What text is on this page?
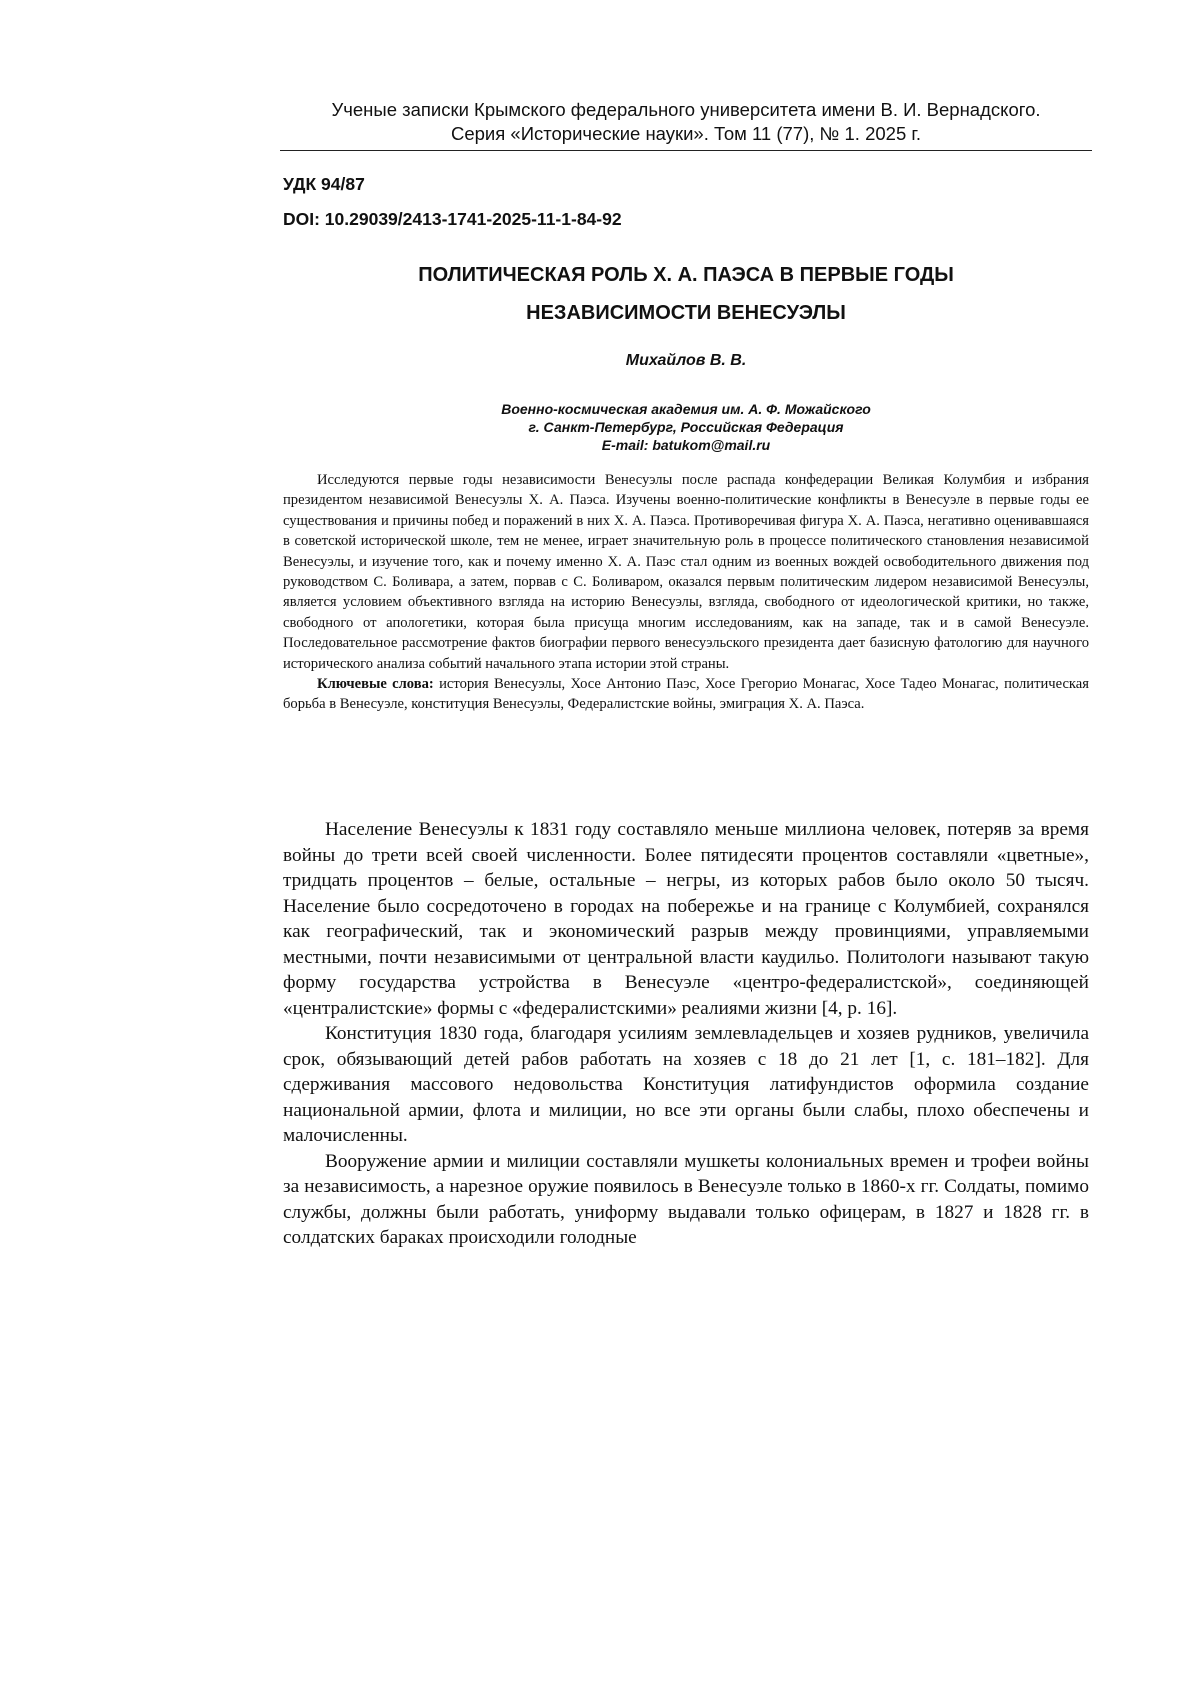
Ученые записки Крымского федерального университета имени В. И. Вернадского.
Серия «Исторические науки». Том 11 (77), № 1. 2025 г.
УДК 94/87
DOI: 10.29039/2413-1741-2025-11-1-84-92
ПОЛИТИЧЕСКАЯ РОЛЬ Х. А. ПАЭСА В ПЕРВЫЕ ГОДЫ
НЕЗАВИСИМОСТИ ВЕНЕСУЭЛЫ
Михайлов В. В.
Военно-космическая академия им. А. Ф. Можайского
г. Санкт-Петербург, Российская Федерация
E-mail: batukom@mail.ru

Исследуются первые годы независимости Венесуэлы после распада конфедерации Великая Колумбия и избрания президентом независимой Венесуэлы Х. А. Паэса. Изучены военно-политические конфликты в Венесуэле в первые годы ее существования и причины побед и поражений в них Х. А. Паэса. Противоречивая фигура Х. А. Паэса, негативно оценивавшаяся в советской исторической школе, тем не менее, играет значительную роль в процессе политического становления независимой Венесуэлы, и изучение того, как и почему именно Х. А. Паэс стал одним из военных вождей освободительного движения под руководством С. Боливара, а затем, порвав с С. Боливаром, оказался первым политическим лидером независимой Венесуэлы, является условием объективного взгляда на историю Венесуэлы, взгляда, свободного от идеологической критики, но также, свободного от апологетики, которая была присуща многим исследованиям, как на западе, так и в самой Венесуэле. Последовательное рассмотрение фактов биографии первого венесуэльского президента дает базисную фатологию для научного исторического анализа событий начального этапа истории этой страны.

Ключевые слова: история Венесуэлы, Хосе Антонио Паэс, Хосе Грегорио Монагас, Хосе Тадео Монагас, политическая борьба в Венесуэле, конституция Венесуэлы, Федералистские войны, эмиграция Х. А. Паэса.

Население Венесуэлы к 1831 году составляло меньше миллиона человек, потеряв за время войны до трети всей своей численности. Более пятидесяти процентов составляли «цветные», тридцать процентов – белые, остальные – негры, из которых рабов было около 50 тысяч. Население было сосредоточено в городах на побережье и на границе с Колумбией, сохранялся как географический, так и экономический разрыв между провинциями, управляемыми местными, почти независимыми от центральной власти каудильо. Политологи называют такую форму государства устройства в Венесуэле «центро-федералистской», соединяющей «централистские» формы с «федералистскими» реалиями жизни [4, р. 16].

Конституция 1830 года, благодаря усилиям землевладельцев и хозяев рудников, увеличила срок, обязывающий детей рабов работать на хозяев с 18 до 21 лет [1, с. 181–182]. Для сдерживания массового недовольства Конституция латифундистов оформила создание национальной армии, флота и милиции, но все эти органы были слабы, плохо обеспечены и малочисленны.

Вооружение армии и милиции составляли мушкеты колониальных времен и трофеи войны за независимость, а нарезное оружие появилось в Венесуэле только в 1860-х гг. Солдаты, помимо службы, должны были работать, униформу выдавали только офицерам, в 1827 и 1828 гг. в солдатских бараках происходили голодные
